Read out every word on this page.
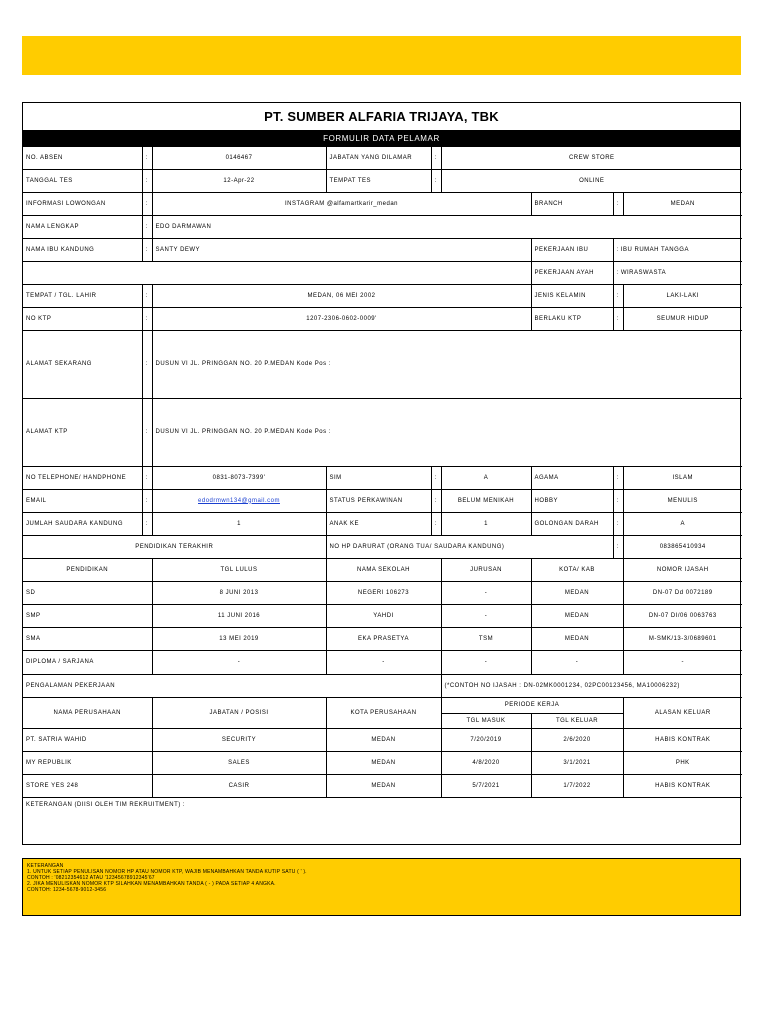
PT. SUMBER ALFARIA TRIJAYA, TBK
FORMULIR DATA PELAMAR
NO. ABSEN	:	0146467	JABATAN YANG DILAMAR	:	CREW STORE			
TANGGAL TES	:	12-Apr-22	TEMPAT TES	:	ONLINE			
INFORMASI LOWONGAN	:	INSTAGRAM @alfamartkarir_medan				BRANCH	:	MEDAN
NAMA LENGKAP	:	EDO DARMAWAN						
NAMA IBU KANDUNG	:	SANTY DEWY				PEKERJAAN IBU	: IBU RUMAH TANGGA	
						PEKERJAAN AYAH	: WIRASWASTA	
TEMPAT / TGL. LAHIR	:	MEDAN, 06 MEI 2002				JENIS KELAMIN	:	LAKI-LAKI
NO KTP	:	1207-2306-0602-0009'				BERLAKU KTP	:	SEUMUR HIDUP
ALAMAT SEKARANG	:	DUSUN VI JL. PRINGGAN NO. 20 P.MEDAN Kode Pos :						
ALAMAT KTP	:	DUSUN VI JL. PRINGGAN NO. 20 P.MEDAN Kode Pos :						
NO TELEPHONE/ HANDPHONE	:	0831-8073-7399'	SIM	:	A	AGAMA	:	ISLAM
EMAIL	:	edodrmwn134@gmail.com	STATUS PERKAWINAN	:	BELUM MENIKAH	HOBBY	:	MENULIS
JUMLAH SAUDARA KANDUNG	:	1	ANAK KE	:	1	GOLONGAN DARAH	:	A
PENDIDIKAN TERAKHIR			NO HP DARURAT (ORANG TUA/ SAUDARA KANDUNG)				:	083865410934
PENDIDIKAN	TGL LULUS	NAMA SEKOLAH	JURUSAN	KOTA/ KAB	NOMOR IJASAH
SD	8 JUNI 2013	NEGERI 106273	-	MEDAN	DN-07 Dd 0072189
SMP	11 JUNI 2016	YAHDI	-	MEDAN	DN-07 DI/06 0063763
SMA	13 MEI 2019	EKA PRASETYA	TSM	MEDAN	M-SMK/13-3/0689601
DIPLOMA / SARJANA	-	-	-	-	-
PENGALAMAN PEKERJAAN			(*CONTOH NO IJASAH : DN-02MK0001234, 02PC00123456, MA10006232)		
NAMA PERUSAHAAN	JABATAN / POSISI	KOTA PERUSAHAAN	PERIODE KERJA		ALASAN KELUAR
			TGL MASUK	TGL KELUAR	
PT. SATRIA WAHID	SECURITY	MEDAN	7/20/2019	2/6/2020	HABIS KONTRAK
MY REPUBLIK	SALES	MEDAN	4/8/2020	3/1/2021	PHK
STORE YES 248	CASIR	MEDAN	5/7/2021	1/7/2022	HABIS KONTRAK
KETERANGAN (DIISI OLEH TIM REKRUITMENT) :					
KETERANGAN
1. UNTUK SETIAP PENULISAN NOMOR HP ATAU NOMOR KTP, WAJIB MENAMBAHKAN TANDA KUTIP SATU ( ' ).
CONTOH : '08212354612 ATAU '12345678912345'67
2. JIKA MENULISKAN NOMOR KTP SILAHKAN MENAMBAHKAN TANDA ( - ) PADA SETIAP 4 ANGKA.
CONTOH: 1234-5678-9012-3456
